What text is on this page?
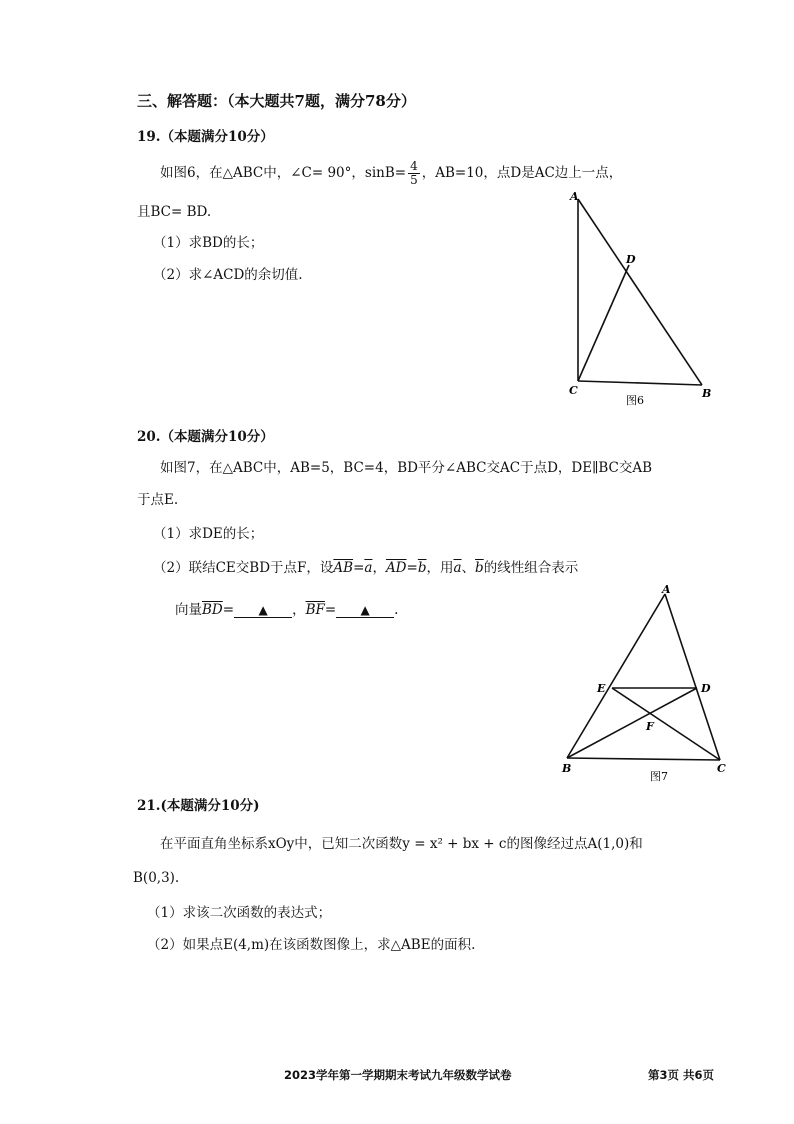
三、解答题：（本大题共7题，满分78分）
19.（本题满分10分）
如图6，在△ABC中，∠C= 90°，$\sin B= \frac{4}{5}$ ，AB=10，点D是AC边上一点，
且BC= BD.
（1）求BD的长；
（2）求∠ACD的余切值.
A
C	B
D
图6
20.（本题满分10分）
如图7，在△ABC中，AB=5，BC=4，BD平分∠ABC交AC于点D，DE∥BC交AB
于点E.
（1）求DE的长；
（2）联结CE交BD于点F，设$\overline{AB}=\overline{a}$，$\overline{AD}=\overline{b}$，用$\overline{a}$、$\overline{b}$的线性组合表示
向量$\overline{BD}=$ ▲ ，$\overline{BF}=$ ▲ .
A
E	D
F
B	C
图7
21.(本题满分10分)
在平面直角坐标系xOy中，已知二次函数y = x² + bx + c的图像经过点A(1,0)和
B(0,3).
（1）求该二次函数的表达式；
（2）如果点E(4,m)在该函数图像上，求△ABE的面积.
2023学年第一学期期末考试九年级数学试卷	第3页 共6页
